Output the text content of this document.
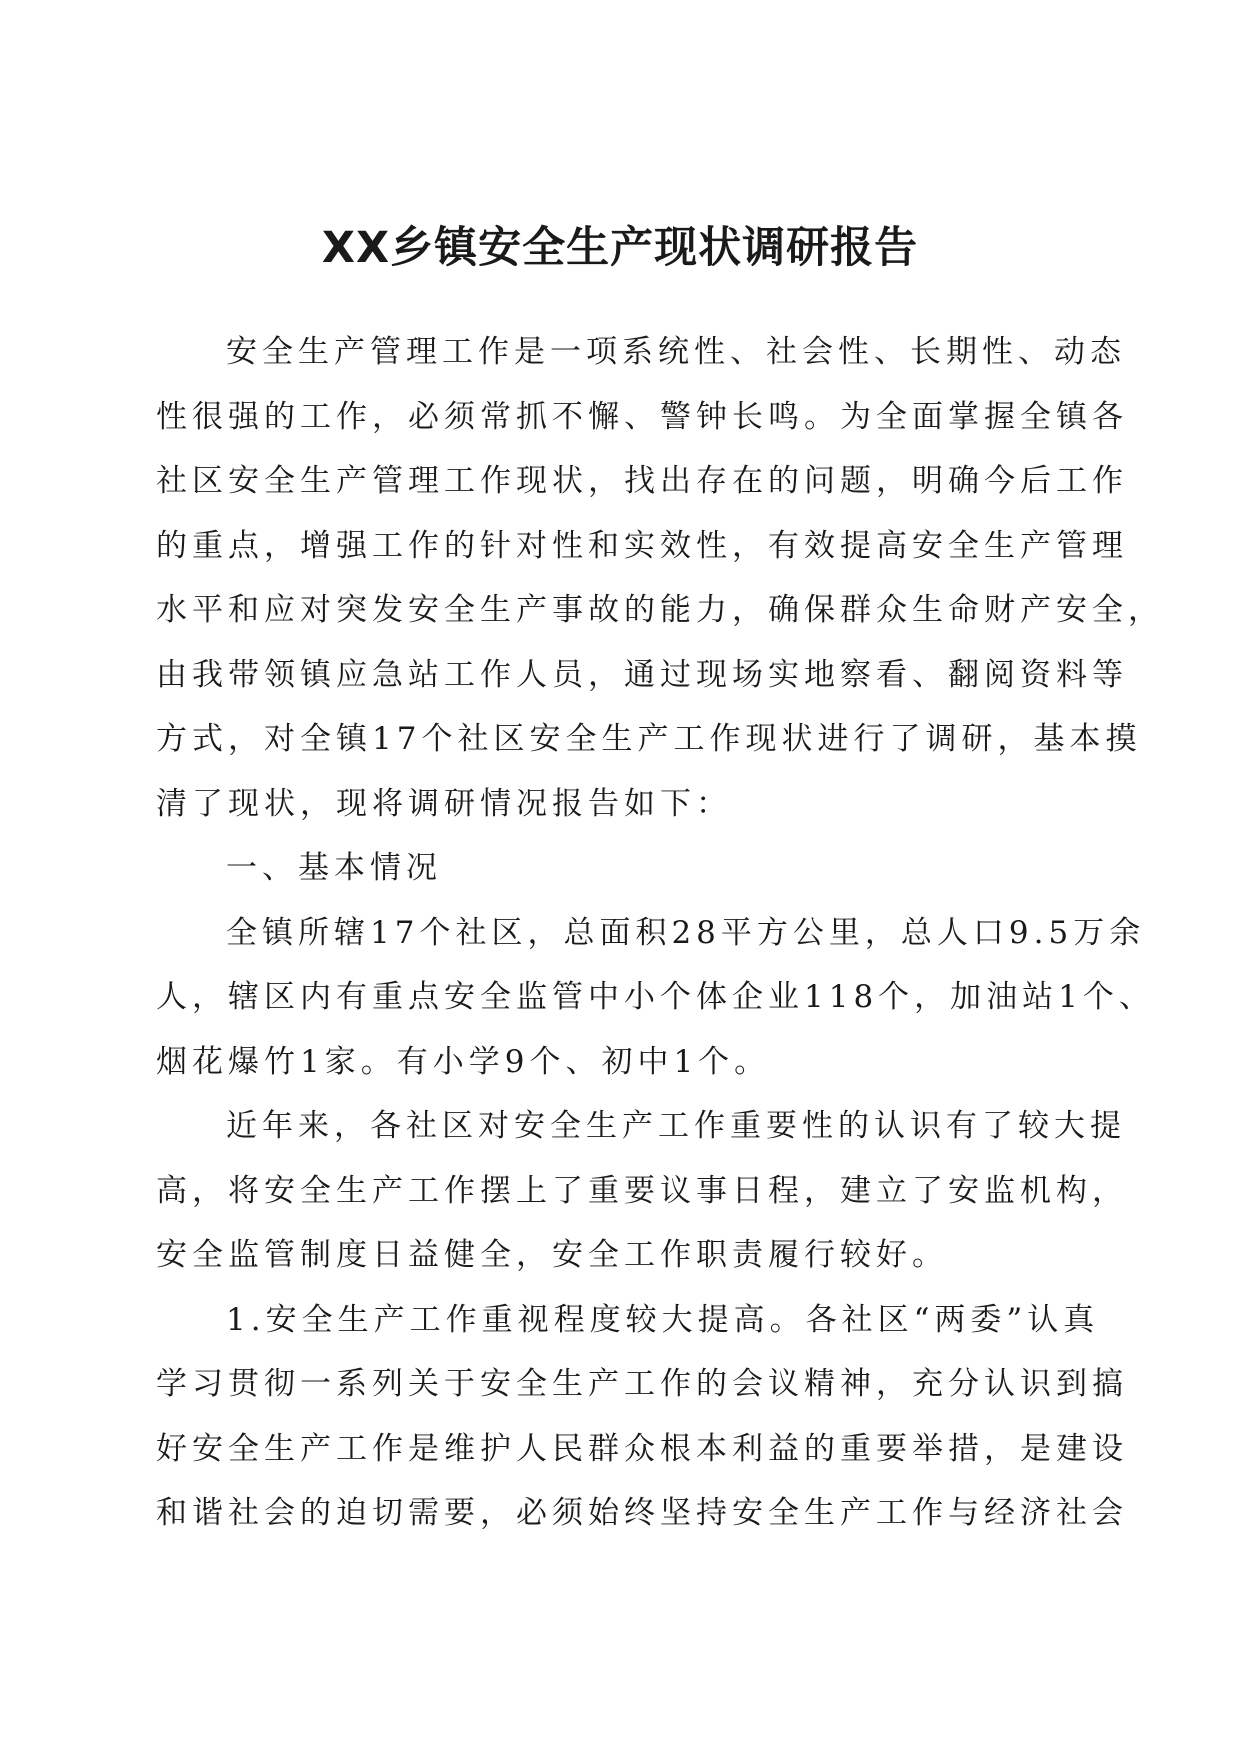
XX乡镇安全生产现状调研报告
安全生产管理工作是一项系统性、社会性、长期性、动态
性很强的工作，必须常抓不懈、警钟长鸣。为全面掌握全镇各
社区安全生产管理工作现状，找出存在的问题，明确今后工作
的重点，增强工作的针对性和实效性，有效提高安全生产管理
水平和应对突发安全生产事故的能力，确保群众生命财产安全，
由我带领镇应急站工作人员，通过现场实地察看、翻阅资料等
方式，对全镇17个社区安全生产工作现状进行了调研，基本摸
清了现状，现将调研情况报告如下：
一、基本情况
全镇所辖17个社区，总面积28平方公里，总人口9.5万余
人，辖区内有重点安全监管中小个体企业118个，加油站1个、
烟花爆竹1家。有小学9个、初中1个。
近年来，各社区对安全生产工作重要性的认识有了较大提
高，将安全生产工作摆上了重要议事日程，建立了安监机构，
安全监管制度日益健全，安全工作职责履行较好。
1.安全生产工作重视程度较大提高。各社区“两委”认真
学习贯彻一系列关于安全生产工作的会议精神，充分认识到搞
好安全生产工作是维护人民群众根本利益的重要举措，是建设
和谐社会的迫切需要，必须始终坚持安全生产工作与经济社会
